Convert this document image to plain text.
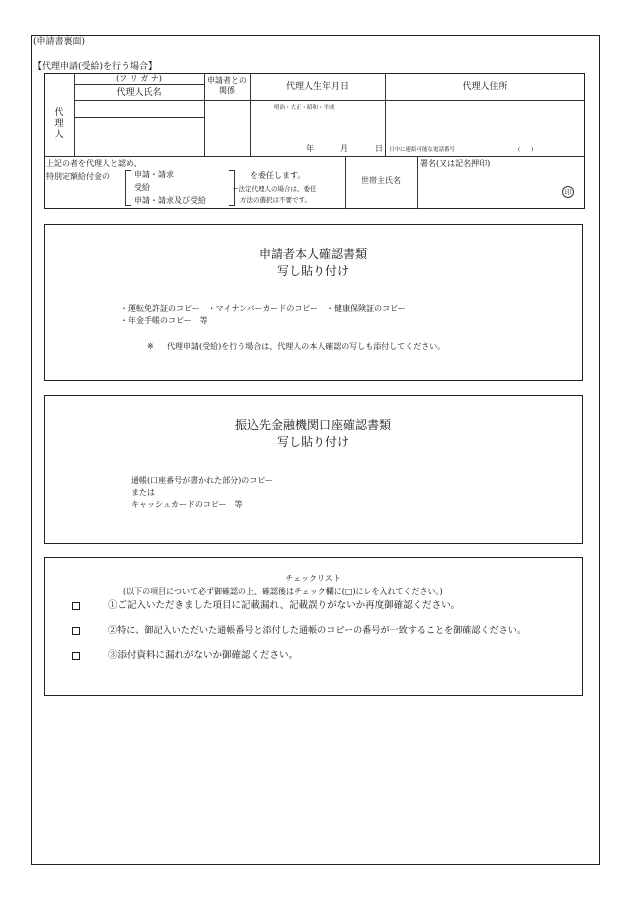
(申請書裏面)
【代理申請(受給)を行う場合】
(フ リ ガ ナ)
代理人氏名
申請者との関係	代理人生年月日	代理人住所
代理人
明治・大正・昭和・平成
年	月	日 日中に連絡可能な電話番号	(　　)
上記の者を代理人と認め、
特別定額給付金の	申請・請求
受給
申請・請求及び受給
を委任します。
←法定代理人の場合は、委任
方法の選択は不要です。
世帯主氏名
署名(又は記名押印)
印
申請者本人確認書類
写し貼り付け
・運転免許証のコピー　・マイナンバーカードのコピー　・健康保険証のコピー
・年金手帳のコピー　等
※ 代理申請(受給)を行う場合は、代理人の本人確認の写しも添付してください。
振込先金融機関口座確認書類
写し貼り付け
通帳(口座番号が書かれた部分)のコピー
または
キャッシュカードのコピー　等
チェックリスト
(以下の項目について必ず御確認の上、確認後はチェック欄に(□)にレを入れてください。)
①ご記入いただきました項目に記載漏れ、記載誤りがないか再度御確認ください。
②特に、御記入いただいた通帳番号と添付した通帳のコピーの番号が一致することを御確認ください。
③添付資料に漏れがないか御確認ください。
